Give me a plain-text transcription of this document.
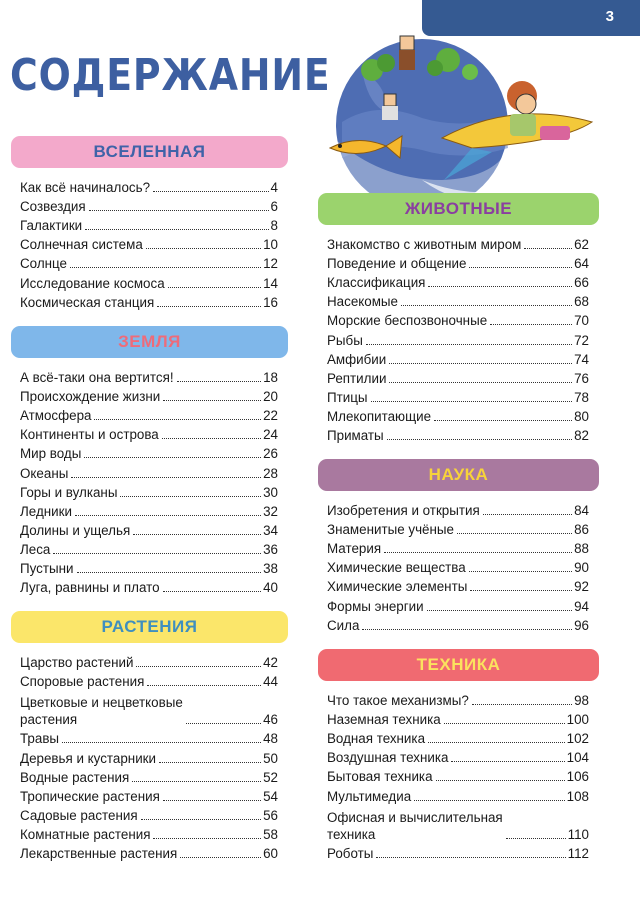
3
СОДЕРЖАНИЕ
ВСЕЛЕННАЯ
Как всё начиналось?	4
Созвездия	6
Галактики	8
Солнечная система	10
Солнце	12
Исследование космоса	14
Космическая станция	16
ЗЕМЛЯ
А всё-таки она вертится!	18
Происхождение жизни	20
Атмосфера	22
Континенты и острова	24
Мир воды	26
Океаны	28
Горы и вулканы	30
Ледники	32
Долины и ущелья	34
Леса	36
Пустыни	38
Луга, равнины и плато	40
РАСТЕНИЯ
Царство растений	42
Споровые растения	44
Цветковые и нецветковые
растения	46
Травы	48
Деревья и кустарники	50
Водные растения	52
Тропические растения	54
Садовые растения	56
Комнатные растения	58
Лекарственные растения	60
ЖИВОТНЫЕ
Знакомство с животным миром	62
Поведение и общение	64
Классификация	66
Насекомые	68
Морские беспозвоночные	70
Рыбы	72
Амфибии	74
Рептилии	76
Птицы	78
Млекопитающие	80
Приматы	82
НАУКА
Изобретения и открытия	84
Знаменитые учёные	86
Материя	88
Химические вещества	90
Химические элементы	92
Формы энергии	94
Сила	96
ТЕХНИКА
Что такое механизмы?	98
Наземная техника	100
Водная техника	102
Воздушная техника	104
Бытовая техника	106
Мультимедиа	108
Офисная и вычислительная
техника	110
Роботы	112
